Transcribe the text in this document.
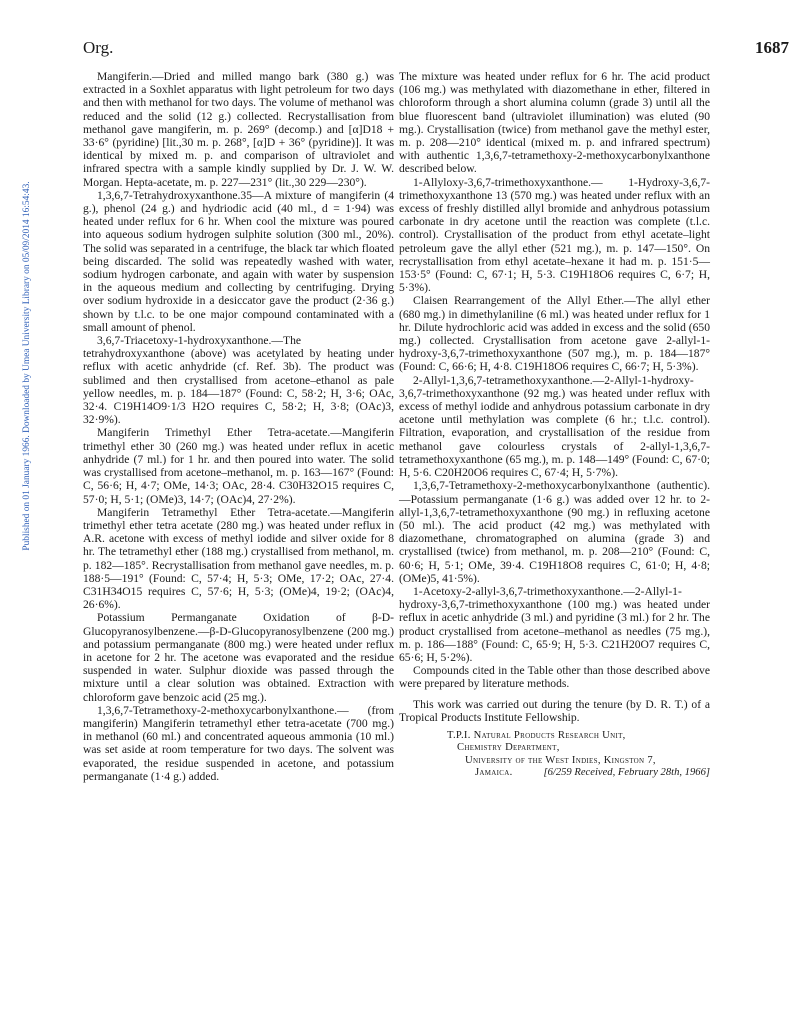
Published on 01 January 1966. Downloaded by Umea University Library on 05/09/2014 16:54:43.
Org.	1687

Mangiferin.—Dried and milled mango bark (380 g.) was extracted in a Soxhlet apparatus with light petroleum for two days and then with methanol for two days. The volume of methanol was reduced and the solid (12 g.) collected. Recrystallisation from methanol gave mangiferin, m. p. 269° (decomp.) and [α]D18 + 33·6° (pyridine) [lit.,30 m. p. 268°, [α]D + 36° (pyridine)]. It was identical by mixed m. p. and comparison of ultraviolet and infrared spectra with a sample kindly supplied by Dr. J. W. W. Morgan. Hepta-acetate, m. p. 227—231° (lit.,30 229—230°).

1,3,6,7-Tetrahydroxyxanthone.35—A mixture of mangiferin (4 g.), phenol (24 g.) and hydriodic acid (40 ml., d = 1·94) was heated under reflux for 6 hr. When cool the mixture was poured into aqueous sodium hydrogen sulphite solution (300 ml., 20%). The solid was separated in a centrifuge, the black tar which floated being discarded. The solid was repeatedly washed with water, sodium hydrogen carbonate, and again with water by suspension in the aqueous medium and collecting by centrifuging. Drying over sodium hydroxide in a desiccator gave the product (2·36 g.) shown by t.l.c. to be one major compound contaminated with a small amount of phenol.

3,6,7-Triacetoxy-1-hydroxyxanthone.—The tetrahydroxyxanthone (above) was acetylated by heating under reflux with acetic anhydride (cf. Ref. 3b). The product was sublimed and then crystallised from acetone–ethanol as pale yellow needles, m. p. 184—187° (Found: C, 58·2; H, 3·6; OAc, 32·4. C19H14O9·1/3 H2O requires C, 58·2; H, 3·8; (OAc)3, 32·9%).

Mangiferin Trimethyl Ether Tetra-acetate.—Mangiferin trimethyl ether 30 (260 mg.) was heated under reflux in acetic anhydride (7 ml.) for 1 hr. and then poured into water. The solid was crystallised from acetone–methanol, m. p. 163—167° (Found: C, 56·6; H, 4·7; OMe, 14·3; OAc, 28·4. C30H32O15 requires C, 57·0; H, 5·1; (OMe)3, 14·7; (OAc)4, 27·2%).

Mangiferin Tetramethyl Ether Tetra-acetate.—Mangiferin trimethyl ether tetra acetate (280 mg.) was heated under reflux in A.R. acetone with excess of methyl iodide and silver oxide for 8 hr. The tetramethyl ether (188 mg.) crystallised from methanol, m. p. 182—185°. Recrystallisation from methanol gave needles, m. p. 188·5—191° (Found: C, 57·4; H, 5·3; OMe, 17·2; OAc, 27·4. C31H34O15 requires C, 57·6; H, 5·3; (OMe)4, 19·2; (OAc)4, 26·6%).

Potassium Permanganate Oxidation of β-D-Glucopyranosylbenzene.—β-D-Glucopyranosylbenzene (200 mg.) and potassium permanganate (800 mg.) were heated under reflux in acetone for 2 hr. The acetone was evaporated and the residue suspended in water. Sulphur dioxide was passed through the mixture until a clear solution was obtained. Extraction with chloroform gave benzoic acid (25 mg.).

1,3,6,7-Tetramethoxy-2-methoxycarbonylxanthone.— (from mangiferin) Mangiferin tetramethyl ether tetra-acetate (700 mg.) in methanol (60 ml.) and concentrated aqueous ammonia (10 ml.) was set aside at room temperature for two days. The solvent was evaporated, the residue suspended in acetone, and potassium permanganate (1·4 g.) added.

The mixture was heated under reflux for 6 hr. The acid product (106 mg.) was methylated with diazomethane in ether, filtered in chloroform through a short alumina column (grade 3) until all the blue fluorescent band (ultraviolet illumination) was eluted (90 mg.). Crystallisation (twice) from methanol gave the methyl ester, m. p. 208—210° identical (mixed m. p. and infrared spectrum) with authentic 1,3,6,7-tetramethoxy-2-methoxycarbonylxanthone described below.

1-Allyloxy-3,6,7-trimethoxyxanthone.— 1-Hydroxy-3,6,7-trimethoxyxanthone 13 (570 mg.) was heated under reflux with an excess of freshly distilled allyl bromide and anhydrous potassium carbonate in dry acetone until the reaction was complete (t.l.c. control). Crystallisation of the product from ethyl acetate–light petroleum gave the allyl ether (521 mg.), m. p. 147—150°. On recrystallisation from ethyl acetate–hexane it had m. p. 151·5—153·5° (Found: C, 67·1; H, 5·3. C19H18O6 requires C, 6·7; H, 5·3%).

Claisen Rearrangement of the Allyl Ether.—The allyl ether (680 mg.) in dimethylaniline (6 ml.) was heated under reflux for 1 hr. Dilute hydrochloric acid was added in excess and the solid (650 mg.) collected. Crystallisation from acetone gave 2-allyl-1-hydroxy-3,6,7-trimethoxyxanthone (507 mg.), m. p. 184—187° (Found: C, 66·6; H, 4·8. C19H18O6 requires C, 66·7; H, 5·3%).

2-Allyl-1,3,6,7-tetramethoxyxanthone.—2-Allyl-1-hydroxy-3,6,7-trimethoxyxanthone (92 mg.) was heated under reflux with excess of methyl iodide and anhydrous potassium carbonate in dry acetone until methylation was complete (6 hr.; t.l.c. control). Filtration, evaporation, and crystallisation of the residue from methanol gave colourless crystals of 2-allyl-1,3,6,7-tetramethoxyxanthone (65 mg.), m. p. 148—149° (Found: C, 67·0; H, 5·6. C20H20O6 requires C, 67·4; H, 5·7%).

1,3,6,7-Tetramethoxy-2-methoxycarbonylxanthone (authentic).—Potassium permanganate (1·6 g.) was added over 12 hr. to 2-allyl-1,3,6,7-tetramethoxyxanthone (90 mg.) in refluxing acetone (50 ml.). The acid product (42 mg.) was methylated with diazomethane, chromatographed on alumina (grade 3) and crystallised (twice) from methanol, m. p. 208—210° (Found: C, 60·6; H, 5·1; OMe, 39·4. C19H18O8 requires C, 61·0; H, 4·8; (OMe)5, 41·5%).

1-Acetoxy-2-allyl-3,6,7-trimethoxyxanthone.—2-Allyl-1-hydroxy-3,6,7-trimethoxyxanthone (100 mg.) was heated under reflux in acetic anhydride (3 ml.) and pyridine (3 ml.) for 2 hr. The product crystallised from acetone–methanol as needles (75 mg.), m. p. 186—188° (Found: C, 65·9; H, 5·3. C21H20O7 requires C, 65·6; H, 5·2%).

Compounds cited in the Table other than those described above were prepared by literature methods.

This work was carried out during the tenure (by D. R. T.) of a Tropical Products Institute Fellowship.

T.P.I. Natural Products Research Unit,
Chemistry Department,
University of the West Indies, Kingston 7,
Jamaica.	[6/259 Received, February 28th, 1966]
